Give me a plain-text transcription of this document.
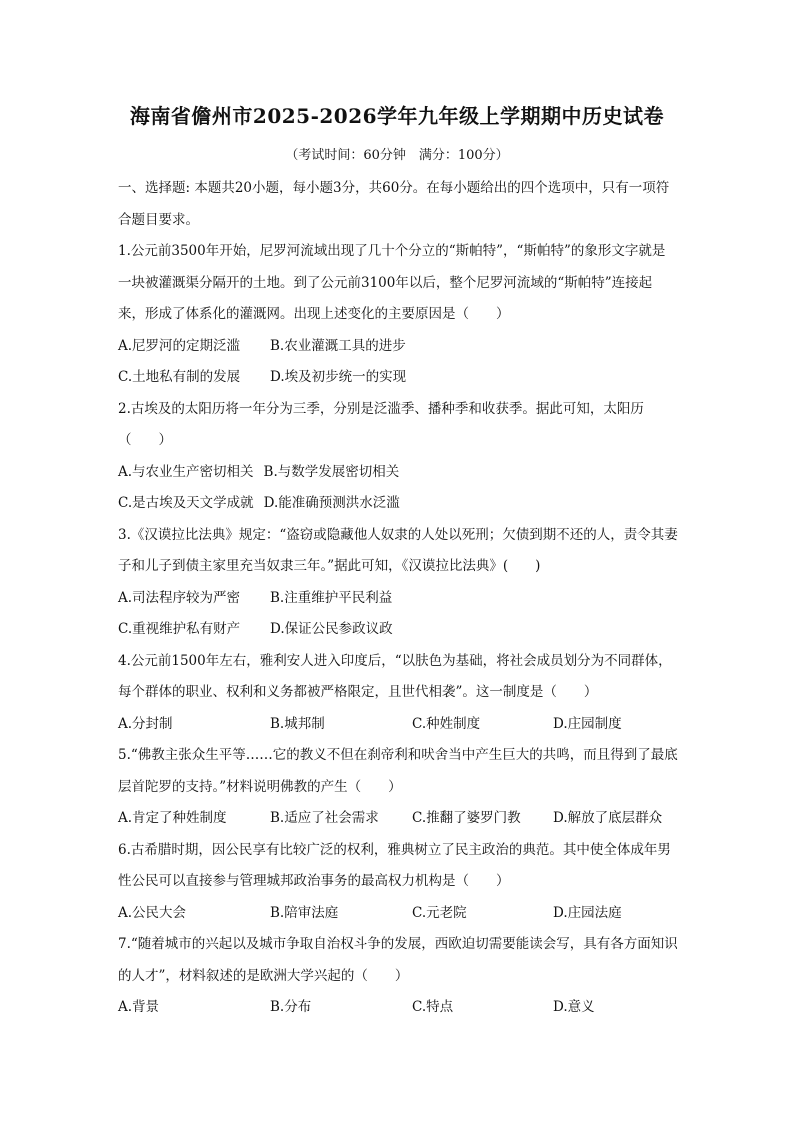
海南省儋州市2025-2026学年九年级上学期期中历史试卷
（考试时间：60分钟　满分：100分）

一、选择题: 本题共20小题，每小题3分，共60分。在每小题给出的四个选项中，只有一项符合题目要求。

1.公元前3500年开始，尼罗河流域出现了几十个分立的“斯帕特”，“斯帕特”的象形文字就是一块被灌溉渠分隔开的土地。到了公元前3100年以后，整个尼罗河流域的“斯帕特”连接起来，形成了体系化的灌溉网。出现上述变化的主要原因是（　　）

A.尼罗河的定期泛滥	B.农业灌溉工具的进步
C.土地私有制的发展	D.埃及初步统一的实现

2.古埃及的太阳历将一年分为三季，分别是泛滥季、播种季和收获季。据此可知，太阳历（　　）

A.与农业生产密切相关 B.与数学发展密切相关
C.是古埃及天文学成就 D.能准确预测洪水泛滥

3.《汉谟拉比法典》规定：“盗窃或隐藏他人奴隶的人处以死刑；欠债到期不还的人，责令其妻子和儿子到债主家里充当奴隶三年。”据此可知，《汉谟拉比法典》(　　)

A.司法程序较为严密	B.注重维护平民利益
C.重视维护私有财产	D.保证公民参政议政

4.公元前1500年左右，雅利安人进入印度后，“以肤色为基础，将社会成员划分为不同群体，每个群体的职业、权利和义务都被严格限定，且世代相袭”。这一制度是（　　）

A.分封制	B.城邦制	C.种姓制度	D.庄园制度

5.“佛教主张众生平等……它的教义不但在刹帝利和吠舍当中产生巨大的共鸣，而且得到了最底层首陀罗的支持。”材料说明佛教的产生（　　）

A.肯定了种姓制度	B.适应了社会需求	C.推翻了婆罗门教	D.解放了底层群众

6.古希腊时期，因公民享有比较广泛的权利，雅典树立了民主政治的典范。其中使全体成年男性公民可以直接参与管理城邦政治事务的最高权力机构是（　　）

A.公民大会	B.陪审法庭	C.元老院	D.庄园法庭

7.“随着城市的兴起以及城市争取自治权斗争的发展，西欧迫切需要能读会写，具有各方面知识的人才”，材料叙述的是欧洲大学兴起的（　　）

A.背景	B.分布	C.特点	D.意义
